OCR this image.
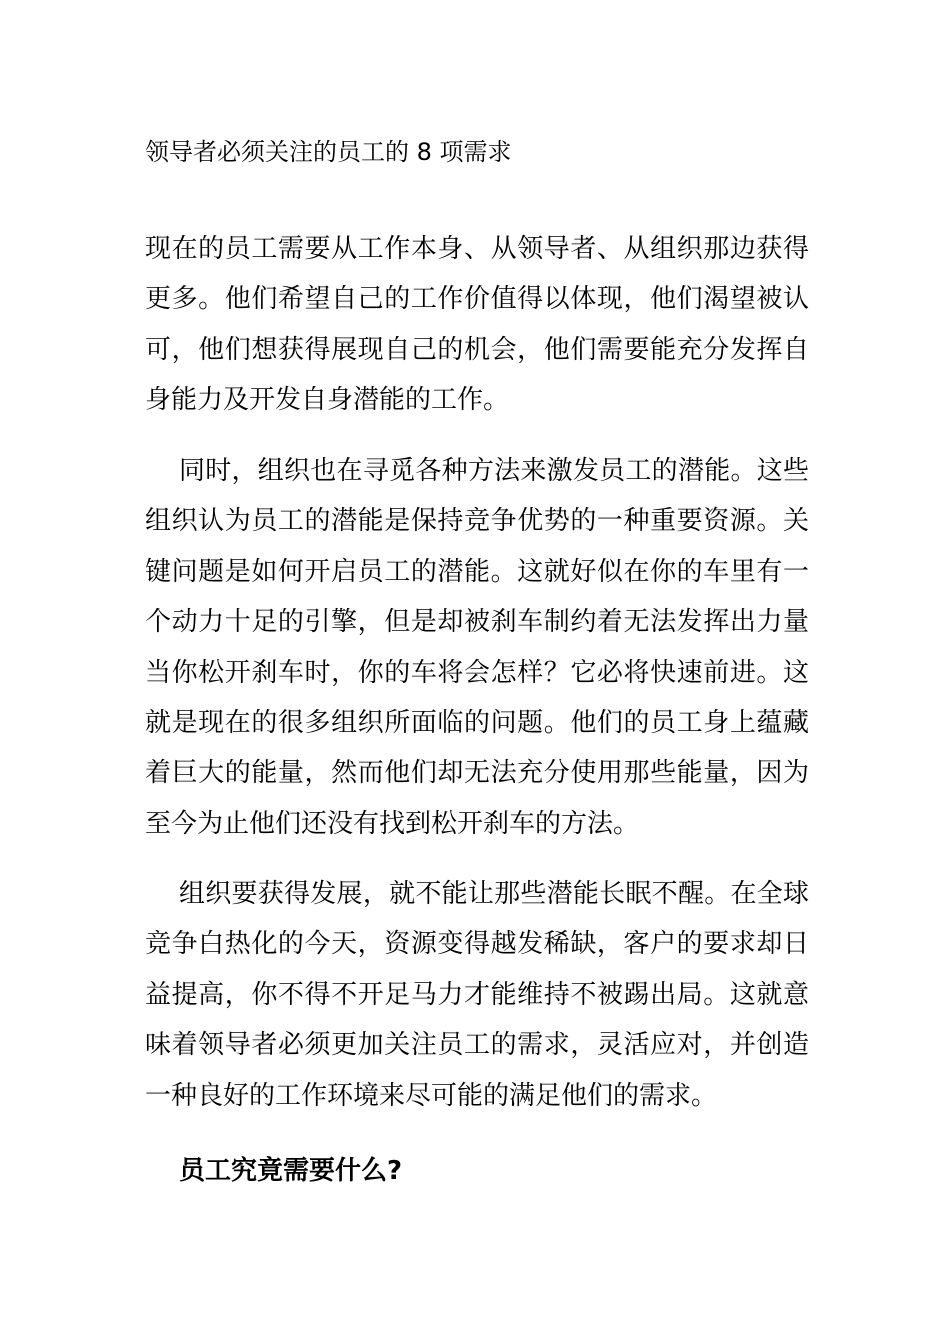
领导者必须关注的员工的 8 项需求

现在的员工需要从工作本身、从领导者、从组织那边获得更多。他们希望自己的工作价值得以体现，他们渴望被认可，他们想获得展现自己的机会，他们需要能充分发挥自身能力及开发自身潜能的工作。

同时，组织也在寻觅各种方法来激发员工的潜能。这些组织认为员工的潜能是保持竞争优势的一种重要资源。关键问题是如何开启员工的潜能。这就好似在你的车里有一个动力十足的引擎，但是却被刹车制约着无法发挥出力量当你松开刹车时，你的车将会怎样？它必将快速前进。这就是现在的很多组织所面临的问题。他们的员工身上蕴藏着巨大的能量，然而他们却无法充分使用那些能量，因为至今为止他们还没有找到松开刹车的方法。

组织要获得发展，就不能让那些潜能长眠不醒。在全球竞争白热化的今天，资源变得越发稀缺，客户的要求却日益提高，你不得不开足马力才能维持不被踢出局。这就意味着领导者必须更加关注员工的需求，灵活应对，并创造一种良好的工作环境来尽可能的满足他们的需求。

员工究竟需要什么?
